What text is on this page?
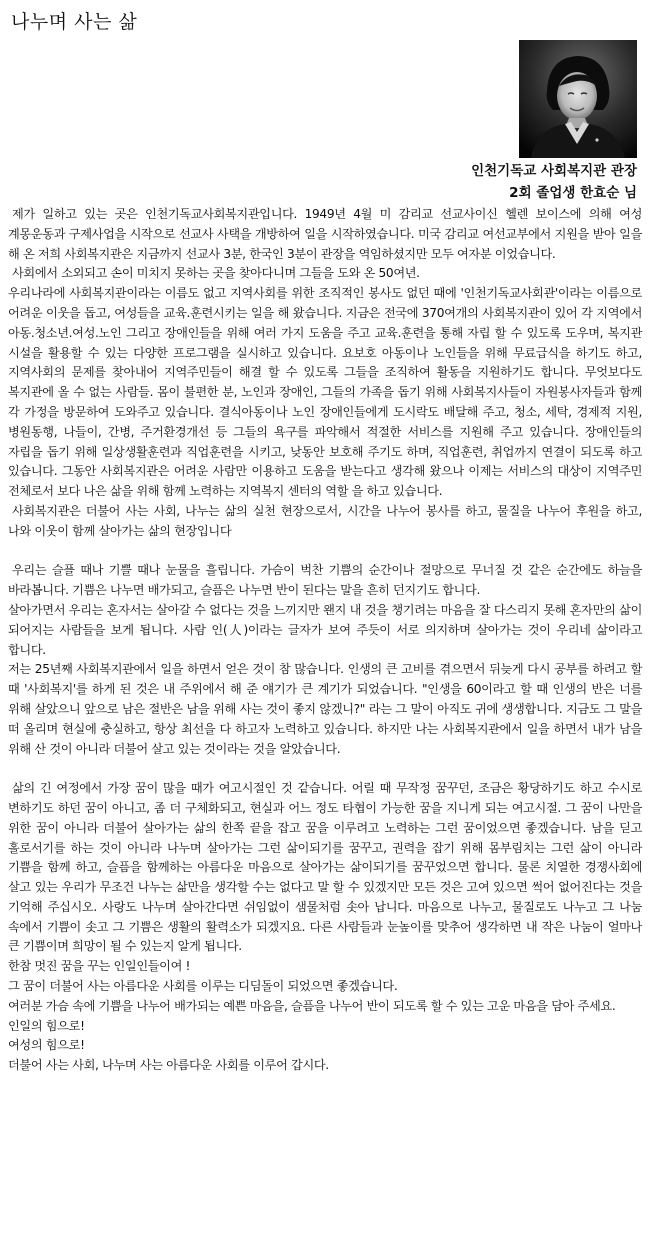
나누며 사는 삶
인천기독교 사회복지관 관장
2회 졸업생 한효순 님

제가 일하고 있는 곳은 인천기독교사회복지관입니다. 1949년 4월 미 감리교 선교사이신 헬렌 보이스에 의해 여성 계몽운동과 구제사업을 시작으로 선교사 사택을 개방하여 일을 시작하였습니다. 미국 감리교 여선교부에서 지원을 받아 일을 해 온 저희 사회복지관은 지금까지 선교사 3분, 한국인 3분이 관장을 역임하셨지만 모두 여자분 이었습니다.

사회에서 소외되고 손이 미치지 못하는 곳을 찾아다니며 그들을 도와 온 50여년.

우리나라에 사회복지관이라는 이름도 없고 지역사회를 위한 조직적인 봉사도 없던 때에 '인천기독교사회관'이라는 이름으로 어려운 이웃을 돕고, 여성들을 교육.훈련시키는 일을 해 왔습니다. 지금은 전국에 370여개의 사회복지관이 있어 각 지역에서 아동.청소년.여성.노인 그리고 장애인들을 위해 여러 가지 도움을 주고 교육.훈련을 통해 자립 할 수 있도록 도우며, 복지관 시설을 활용할 수 있는 다양한 프로그램을 실시하고 있습니다. 요보호 아동이나 노인들을 위해 무료급식을 하기도 하고, 지역사회의 문제를 찾아내어 지역주민들이 해결 할 수 있도록 그들을 조직하여 활동을 지원하기도 합니다. 무엇보다도 복지관에 올 수 없는 사람들. 몸이 불편한 분, 노인과 장애인, 그들의 가족을 돕기 위해 사회복지사들이 자원봉사자들과 함께 각 가정을 방문하여 도와주고 있습니다. 결식아동이나 노인 장애인들에게 도시락도 배달해 주고, 청소, 세탁, 경제적 지원, 병원동행, 나들이, 간병, 주거환경개선 등 그들의 욕구를 파악해서 적절한 서비스를 지원해 주고 있습니다. 장애인들의 자립을 돕기 위해 일상생활훈련과 직업훈련을 시키고, 낮동안 보호해 주기도 하며, 직업훈련, 취업까지 연결이 되도록 하고 있습니다. 그동안 사회복지관은 어려운 사람만 이용하고 도움을 받는다고 생각해 왔으나 이제는 서비스의 대상이 지역주민 전체로서 보다 나은 삶을 위해 함께 노력하는 지역복지 센터의 역할 을 하고 있습니다.

사회복지관은 더불어 사는 사회, 나누는 삶의 실천 현장으로서, 시간을 나누어 봉사를 하고, 물질을 나누어 후원을 하고, 나와 이웃이 함께 살아가는 삶의 현장입니다

우리는 슬플 때나 기쁠 때나 눈물을 흘립니다. 가슴이 벅찬 기쁨의 순간이나 절망으로 무너질 것 같은 순간에도 하늘을 바라봅니다. 기쁨은 나누면 배가되고, 슬픔은 나누면 반이 된다는 말을 흔히 던지기도 합니다.

살아가면서 우리는 혼자서는 살아갈 수 없다는 것을 느끼지만 왠지 내 것을 챙기려는 마음을 잘 다스리지 못해 혼자만의 삶이 되어지는 사람들을 보게 됩니다. 사람 인(人)이라는 글자가 보여 주듯이 서로 의지하며 살아가는 것이 우리네 삶이라고 합니다.

저는 25년째 사회복지관에서 일을 하면서 얻은 것이 참 많습니다. 인생의 큰 고비를 겪으면서 뒤늦게 다시 공부를 하려고 할 때 '사회복지'를 하게 된 것은 내 주위에서 해 준 얘기가 큰 계기가 되었습니다. "인생을 60이라고 할 때 인생의 반은 너를 위해 살았으니 앞으로 남은 절반은 남을 위해 사는 것이 좋지 않겠니?" 라는 그 말이 아직도 귀에 생생합니다. 지금도 그 말을 떠 올리며 현실에 충실하고, 항상 최선을 다 하고자 노력하고 있습니다. 하지만 나는 사회복지관에서 일을 하면서 내가 남을 위해 산 것이 아니라 더불어 살고 있는 것이라는 것을 알았습니다.

삶의 긴 여정에서 가장 꿈이 많을 때가 여고시절인 것 같습니다. 어릴 때 무작정 꿈꾸던, 조금은 황당하기도 하고 수시로 변하기도 하던 꿈이 아니고, 좀 더 구체화되고, 현실과 어느 정도 타협이 가능한 꿈을 지니게 되는 여고시절. 그 꿈이 나만을 위한 꿈이 아니라 더불어 살아가는 삶의 한쪽 끝을 잡고 꿈을 이루려고 노력하는 그런 꿈이었으면 좋겠습니다. 남을 딛고 홀로서기를 하는 것이 아니라 나누며 살아가는 그런 삶이되기를 꿈꾸고, 권력을 잡기 위해 몸부림치는 그런 삶이 아니라 기쁨을 함께 하고, 슬픔을 함께하는 아름다운 마음으로 살아가는 삶이되기를 꿈꾸었으면 합니다. 물론 치열한 경쟁사회에 살고 있는 우리가 무조건 나누는 삶만을 생각할 수는 없다고 말 할 수 있겠지만 모든 것은 고여 있으면 썩어 없어진다는 것을 기억해 주십시오. 사랑도 나누며 살아간다면 쉬임없이 샘물처럼 솟아 납니다. 마음으로 나누고, 물질로도 나누고 그 나눔 속에서 기쁨이 솟고 그 기쁨은 생활의 활력소가 되겠지요. 다른 사람들과 눈높이를 맞추어 생각하면 내 작은 나눔이 얼마나 큰 기쁨이며 희망이 될 수 있는지 알게 됩니다.

한참 멋진 꿈을 꾸는 인일인들이여 !

그 꿈이 더불어 사는 아름다운 사회를 이루는 디딤돌이 되었으면 좋겠습니다.

여러분 가슴 속에 기쁨을 나누어 배가되는 예쁜 마음을, 슬픔을 나누어 반이 되도록 할 수 있는 고운 마음을 담아 주세요.

인일의 힘으로!

여성의 힘으로!

더불어 사는 사회, 나누며 사는 아름다운 사회를 이루어 갑시다.
